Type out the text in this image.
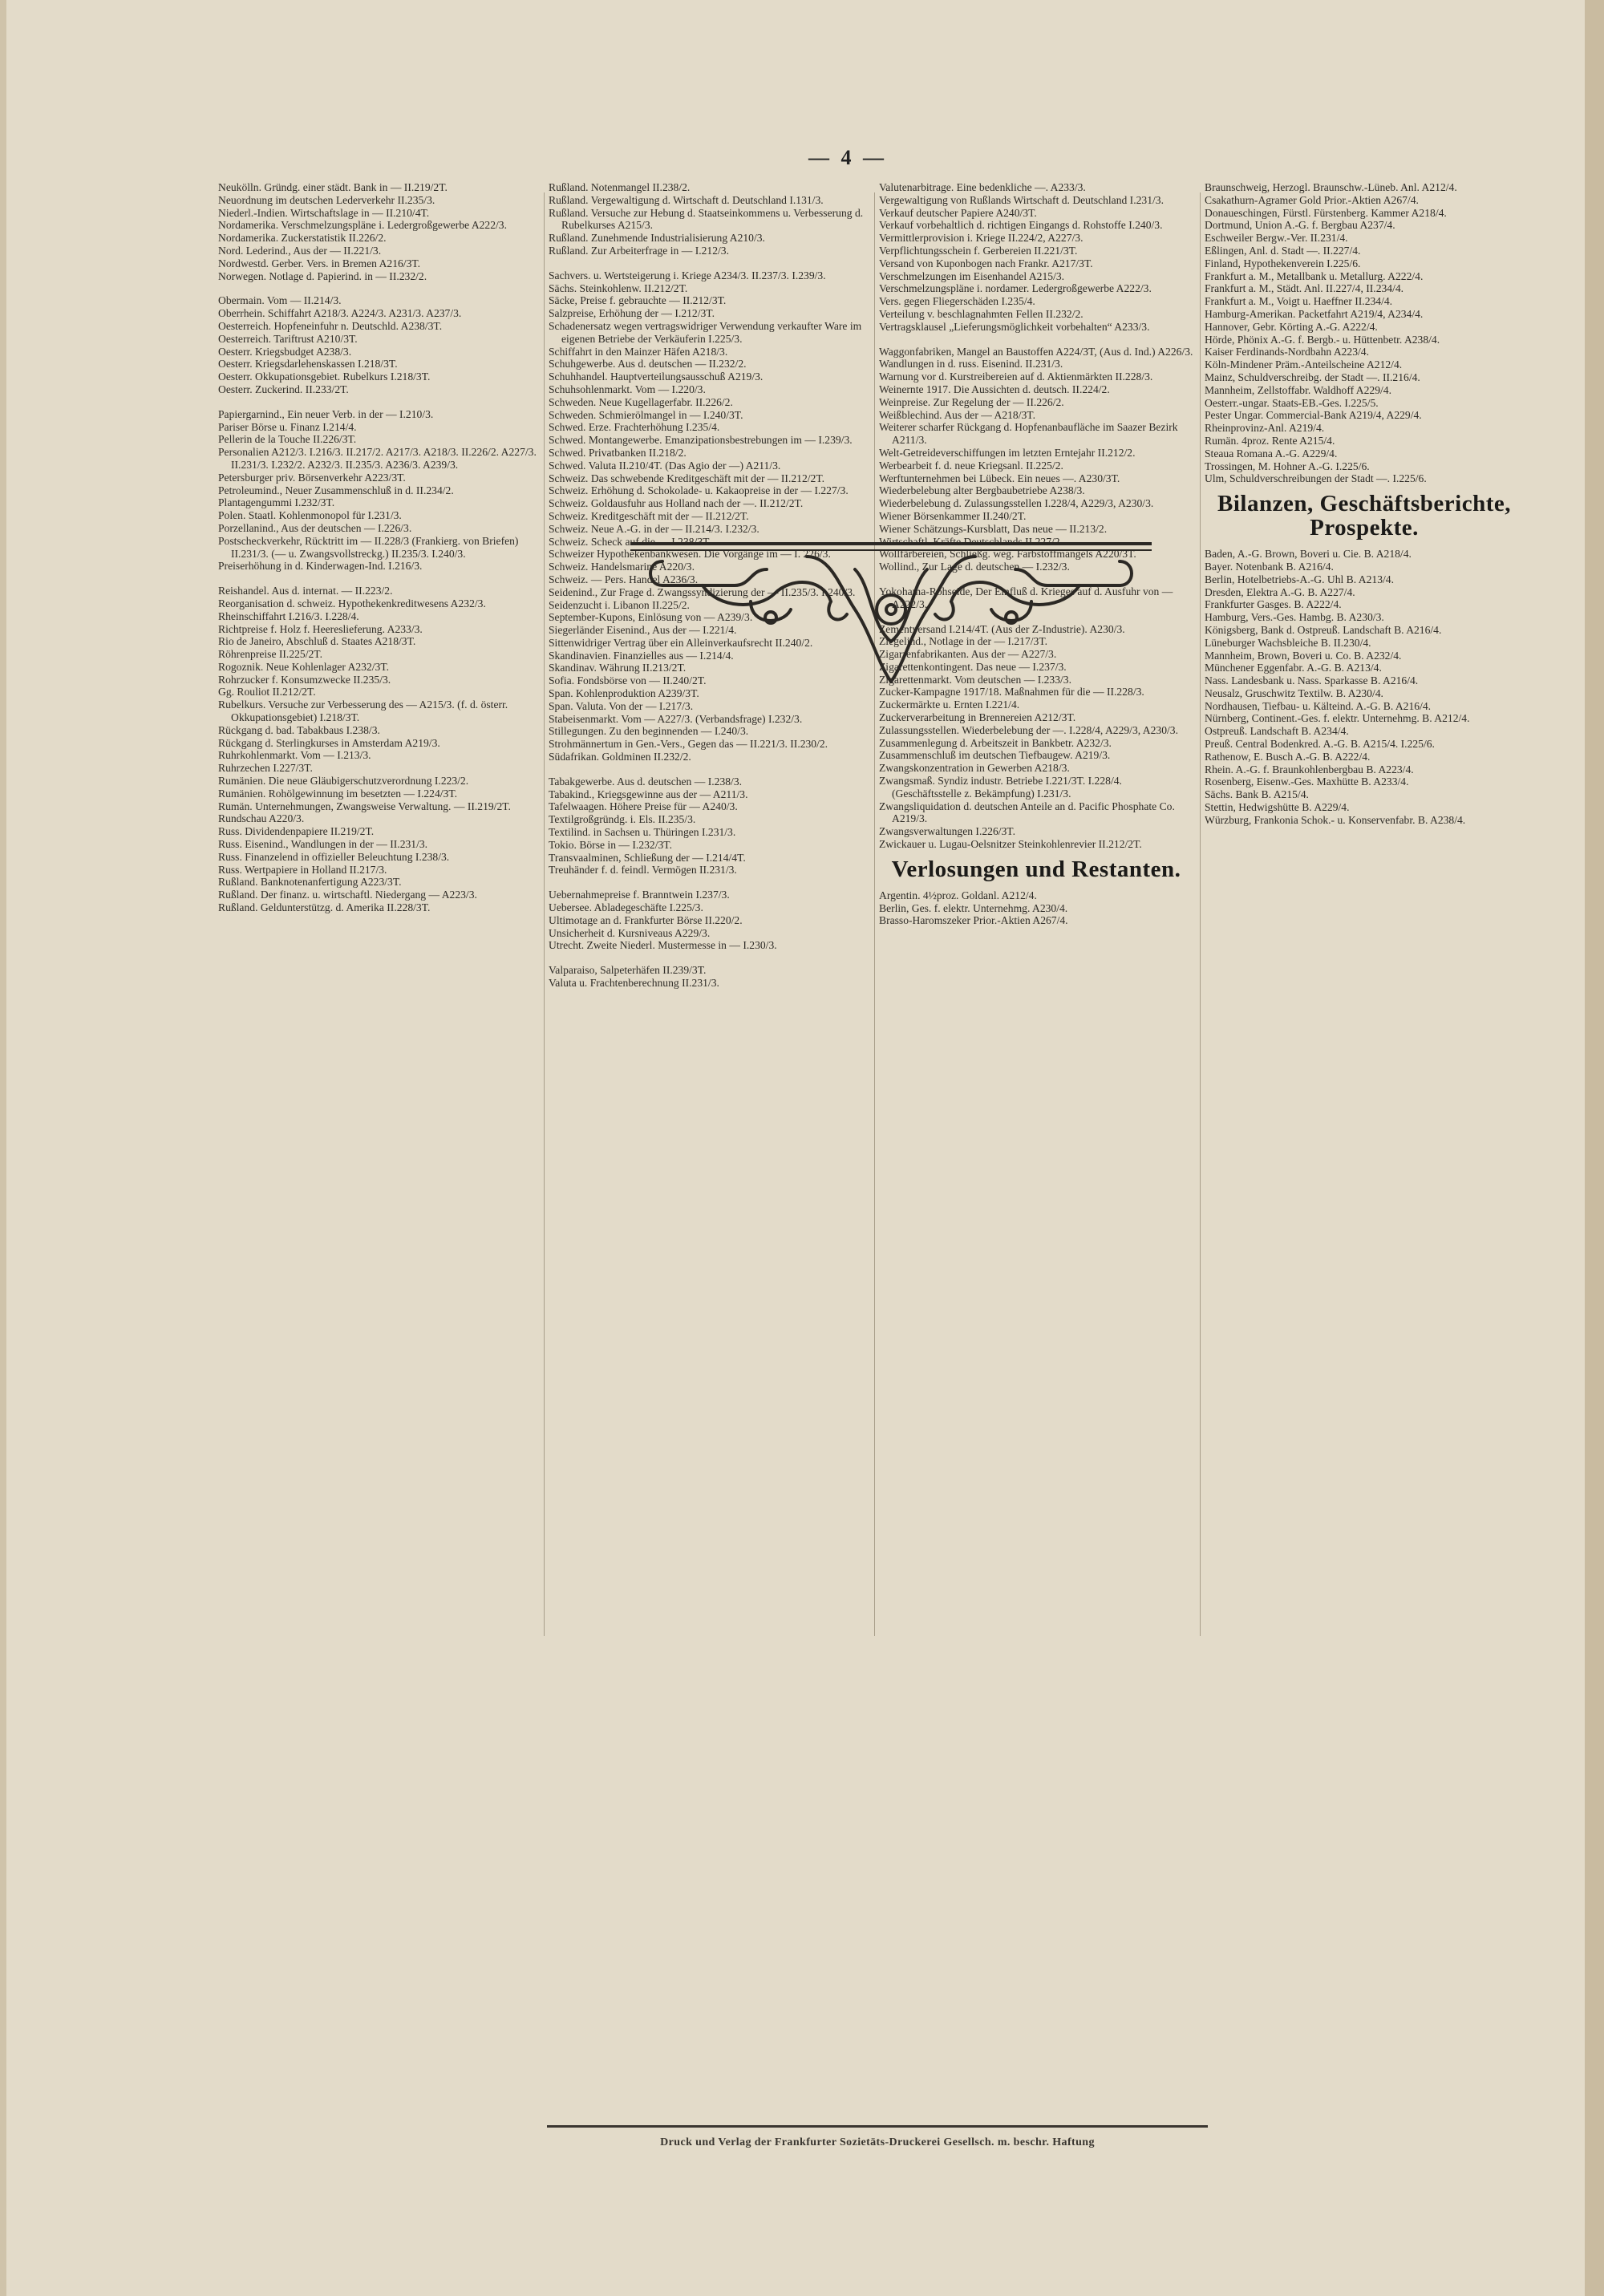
— 4 —

Neukölln. Gründg. einer städt. Bank in — II.219/2T.

Neuordnung im deutschen Lederverkehr II.235/3.

Niederl.-Indien. Wirtschaftslage in — II.210/4T.

Nordamerika. Verschmelzungspläne i. Ledergroßgewerbe A222/3.

Nordamerika. Zuckerstatistik II.226/2.

Nord. Lederind., Aus der — II.221/3.

Nordwestd. Gerber. Vers. in Bremen A216/3T.

Norwegen. Notlage d. Papierind. in — II.232/2.

Obermain. Vom — II.214/3.

Oberrhein. Schiffahrt A218/3. A224/3. A231/3. A237/3.

Oesterreich. Hopfeneinfuhr n. Deutschld. A238/3T.

Oesterreich. Tariftrust A210/3T.

Oesterr. Kriegsbudget A238/3.

Oesterr. Kriegsdarlehenskassen I.218/3T.

Oesterr. Okkupationsgebiet. Rubelkurs I.218/3T.

Oesterr. Zuckerind. II.233/2T.

Papiergarnind., Ein neuer Verb. in der — I.210/3.

Pariser Börse u. Finanz I.214/4.

Pellerin de la Touche II.226/3T.

Personalien A212/3. I.216/3. II.217/2. A217/3. A218/3. II.226/2. A227/3. II.231/3. I.232/2. A232/3. II.235/3. A236/3. A239/3.

Petersburger priv. Börsenverkehr A223/3T.

Petroleumind., Neuer Zusammenschluß in d. II.234/2.

Plantagengummi I.232/3T.

Polen. Staatl. Kohlenmonopol für I.231/3.

Porzellanind., Aus der deutschen — I.226/3.

Postscheckverkehr, Rücktritt im — II.228/3 (Frankierg. von Briefen) II.231/3. (— u. Zwangsvollstreckg.) II.235/3. I.240/3.

Preiserhöhung in d. Kinderwagen-Ind. I.216/3.

Reishandel. Aus d. internat. — II.223/2.

Reorganisation d. schweiz. Hypothekenkreditwesens A232/3.

Rheinschiffahrt I.216/3. I.228/4.

Richtpreise f. Holz f. Heereslieferung. A233/3.

Rio de Janeiro, Abschluß d. Staates A218/3T.

Röhrenpreise II.225/2T.

Rogoznik. Neue Kohlenlager A232/3T.

Rohrzucker f. Konsumzwecke II.235/3.

Gg. Rouliot II.212/2T.

Rubelkurs. Versuche zur Verbesserung des — A215/3. (f. d. österr. Okkupationsgebiet) I.218/3T.

Rückgang d. bad. Tabakbaus I.238/3.

Rückgang d. Sterlingkurses in Amsterdam A219/3.

Ruhrkohlenmarkt. Vom — I.213/3.

Ruhrzechen I.227/3T.

Rumänien. Die neue Gläubigerschutzverordnung I.223/2.

Rumänien. Rohölgewinnung im besetzten — I.224/3T.

Rumän. Unternehmungen, Zwangsweise Verwaltung. — II.219/2T.

Rundschau A220/3.

Russ. Dividendenpapiere II.219/2T.

Russ. Eisenind., Wandlungen in der — II.231/3.

Russ. Finanzelend in offizieller Beleuchtung I.238/3.

Russ. Wertpapiere in Holland II.217/3.

Rußland. Banknotenanfertigung A223/3T.

Rußland. Der finanz. u. wirtschaftl. Niedergang — A223/3.

Rußland. Geldunterstützg. d. Amerika II.228/3T.

Rußland. Notenmangel II.238/2.

Rußland. Vergewaltigung d. Wirtschaft d. Deutschland I.131/3.

Rußland. Versuche zur Hebung d. Staatseinkommens u. Verbesserung d. Rubelkurses A215/3.

Rußland. Zunehmende Industrialisierung A210/3.

Rußland. Zur Arbeiterfrage in — I.212/3.

Sachvers. u. Wertsteigerung i. Kriege A234/3. II.237/3. I.239/3.

Sächs. Steinkohlenw. II.212/2T.

Säcke, Preise f. gebrauchte — II.212/3T.

Salzpreise, Erhöhung der — I.212/3T.

Schadenersatz wegen vertragswidriger Verwendung verkaufter Ware im eigenen Betriebe der Verkäuferin I.225/3.

Schiffahrt in den Mainzer Häfen A218/3.

Schuhgewerbe. Aus d. deutschen — II.232/2.

Schuhhandel. Hauptverteilungsausschuß A219/3.

Schuhsohlenmarkt. Vom — I.220/3.

Schweden. Neue Kugellagerfabr. II.226/2.

Schweden. Schmierölmangel in — I.240/3T.

Schwed. Erze. Frachterhöhung I.235/4.

Schwed. Montangewerbe. Emanzipationsbestrebungen im — I.239/3.

Schwed. Privatbanken II.218/2.

Schwed. Valuta II.210/4T. (Das Agio der —) A211/3.

Schweiz. Das schwebende Kreditgeschäft mit der — II.212/2T.

Schweiz. Erhöhung d. Schokolade- u. Kakaopreise in der — I.227/3.

Schweiz. Goldausfuhr aus Holland nach der —. II.212/2T.

Schweiz. Kreditgeschäft mit der — II.212/2T.

Schweiz. Neue A.-G. in der — II.214/3. I.232/3.

Schweiz. Scheck auf die — I.238/3T.

Schweizer Hypothekenbankwesen. Die Vorgänge im — I. 226/3.

Schweiz. Handelsmarine A220/3.

Schweiz. — Pers. Handel A236/3.

Seidenind., Zur Frage d. Zwangssyndizierung der — II.235/3. I.240/3.

Seidenzucht i. Libanon II.225/2.

September-Kupons, Einlösung von — A239/3.

Siegerländer Eisenind., Aus der — I.221/4.

Sittenwidriger Vertrag über ein Alleinverkaufsrecht II.240/2.

Skandinavien. Finanzielles aus — I.214/4.

Skandinav. Währung II.213/2T.

Sofia. Fondsbörse von — II.240/2T.

Span. Kohlenproduktion A239/3T.

Span. Valuta. Von der — I.217/3.

Stabeisenmarkt. Vom — A227/3. (Verbandsfrage) I.232/3.

Stillegungen. Zu den beginnenden — I.240/3.

Strohmännertum in Gen.-Vers., Gegen das — II.221/3. II.230/2.

Südafrikan. Goldminen II.232/2.

Tabakgewerbe. Aus d. deutschen — I.238/3.

Tabakind., Kriegsgewinne aus der — A211/3.

Tafelwaagen. Höhere Preise für — A240/3.

Textilgroßgründg. i. Els. II.235/3.

Textilind. in Sachsen u. Thüringen I.231/3.

Tokio. Börse in — I.232/3T.

Transvaalminen, Schließung der — I.214/4T.

Treuhänder f. d. feindl. Vermögen II.231/3.

Uebernahmepreise f. Branntwein I.237/3.

Uebersee. Abladegeschäfte I.225/3.

Ultimotage an d. Frankfurter Börse II.220/2.

Unsicherheit d. Kursniveaus A229/3.

Utrecht. Zweite Niederl. Mustermesse in — I.230/3.

Valparaiso, Salpeterhäfen II.239/3T.

Valuta u. Frachtenberechnung II.231/3.

Valutenarbitrage. Eine bedenkliche —. A233/3.

Vergewaltigung von Rußlands Wirtschaft d. Deutschland I.231/3.

Verkauf deutscher Papiere A240/3T.

Verkauf vorbehaltlich d. richtigen Eingangs d. Rohstoffe I.240/3.

Vermittlerprovision i. Kriege II.224/2, A227/3.

Verpflichtungsschein f. Gerbereien II.221/3T.

Versand von Kuponbogen nach Frankr. A217/3T.

Verschmelzungen im Eisenhandel A215/3.

Verschmelzungspläne i. nordamer. Ledergroßgewerbe A222/3.

Vers. gegen Fliegerschäden I.235/4.

Verteilung v. beschlagnahmten Fellen II.232/2.

Vertragsklausel „Lieferungsmöglichkeit vorbehalten“ A233/3.

Waggonfabriken, Mangel an Baustoffen A224/3T, (Aus d. Ind.) A226/3.

Wandlungen in d. russ. Eisenind. II.231/3.

Warnung vor d. Kurstreibereien auf d. Aktienmärkten II.228/3.

Weinernte 1917. Die Aussichten d. deutsch. II.224/2.

Weinpreise. Zur Regelung der — II.226/2.

Weißblechind. Aus der — A218/3T.

Weiterer scharfer Rückgang d. Hopfenanbaufläche im Saazer Bezirk A211/3.

Welt-Getreideverschiffungen im letzten Erntejahr II.212/2.

Werbearbeit f. d. neue Kriegsanl. II.225/2.

Werftunternehmen bei Lübeck. Ein neues —. A230/3T.

Wiederbelebung alter Bergbaubetriebe A238/3.

Wiederbelebung d. Zulassungsstellen I.228/4, A229/3, A230/3.

Wiener Börsenkammer II.240/2T.

Wiener Schätzungs-Kursblatt, Das neue — II.213/2.

Wirtschaftl. Kräfte Deutschlands II.227/2.

Wollfärbereien, Schließg. weg. Farbstoffmangels A220/3T.

Wollind., Zur Lage d. deutschen — I.232/3.

Yokohama-Rohseide, Der Einfluß d. Krieges auf d. Ausfuhr von — A222/3.

Zementversand I.214/4T. (Aus der Z-Industrie). A230/3.

Ziegelind., Notlage in der — I.217/3T.

Zigarrenfabrikanten. Aus der — A227/3.

Zigarettenkontingent. Das neue — I.237/3.

Zigarettenmarkt. Vom deutschen — I.233/3.

Zucker-Kampagne 1917/18. Maßnahmen für die — II.228/3.

Zuckermärkte u. Ernten I.221/4.

Zuckerverarbeitung in Brennereien A212/3T.

Zulassungsstellen. Wiederbelebung der —. I.228/4, A229/3, A230/3.

Zusammenlegung d. Arbeitszeit in Bankbetr. A232/3.

Zusammenschluß im deutschen Tiefbaugew. A219/3.

Zwangskonzentration in Gewerben A218/3.

Zwangsmaß. Syndiz industr. Betriebe I.221/3T. I.228/4. (Geschäftsstelle z. Bekämpfung) I.231/3.

Zwangsliquidation d. deutschen Anteile an d. Pacific Phosphate Co. A219/3.

Zwangsverwaltungen I.226/3T.

Zwickauer u. Lugau-Oelsnitzer Steinkohlenrevier II.212/2T.

Verlosungen und Restanten.

Argentin. 4½proz. Goldanl. A212/4.

Berlin, Ges. f. elektr. Unternehmg. A230/4.

Brasso-Haromszeker Prior.-Aktien A267/4.

Braunschweig, Herzogl. Braunschw.-Lüneb. Anl. A212/4.

Csakathurn-Agramer Gold Prior.-Aktien A267/4.

Donaueschingen, Fürstl. Fürstenberg. Kammer A218/4.

Dortmund, Union A.-G. f. Bergbau A237/4.

Eschweiler Bergw.-Ver. II.231/4.

Eßlingen, Anl. d. Stadt —. II.227/4.

Finland, Hypothekenverein I.225/6.

Frankfurt a. M., Metallbank u. Metallurg. A222/4.

Frankfurt a. M., Städt. Anl. II.227/4, II.234/4.

Frankfurt a. M., Voigt u. Haeffner II.234/4.

Hamburg-Amerikan. Packetfahrt A219/4, A234/4.

Hannover, Gebr. Körting A.-G. A222/4.

Hörde, Phönix A.-G. f. Bergb.- u. Hüttenbetr. A238/4.

Kaiser Ferdinands-Nordbahn A223/4.

Köln-Mindener Präm.-Anteilscheine A212/4.

Mainz, Schuldverschreibg. der Stadt —. II.216/4.

Mannheim, Zellstoffabr. Waldhoff A229/4.

Oesterr.-ungar. Staats-EB.-Ges. I.225/5.

Pester Ungar. Commercial-Bank A219/4, A229/4.

Rheinprovinz-Anl. A219/4.

Rumän. 4proz. Rente A215/4.

Steaua Romana A.-G. A229/4.

Trossingen, M. Hohner A.-G. I.225/6.

Ulm, Schuldverschreibungen der Stadt —. I.225/6.

Bilanzen, Geschäftsberichte, Prospekte.

Baden, A.-G. Brown, Boveri u. Cie. B. A218/4.

Bayer. Notenbank B. A216/4.

Berlin, Hotelbetriebs-A.-G. Uhl B. A213/4.

Dresden, Elektra A.-G. B. A227/4.

Frankfurter Gasges. B. A222/4.

Hamburg, Vers.-Ges. Hambg. B. A230/3.

Königsberg, Bank d. Ostpreuß. Landschaft B. A216/4.

Lüneburger Wachsbleiche B. II.230/4.

Mannheim, Brown, Boveri u. Co. B. A232/4.

Münchener Eggenfabr. A.-G. B. A213/4.

Nass. Landesbank u. Nass. Sparkasse B. A216/4.

Neusalz, Gruschwitz Textilw. B. A230/4.

Nordhausen, Tiefbau- u. Kälteind. A.-G. B. A216/4.

Nürnberg, Continent.-Ges. f. elektr. Unternehmg. B. A212/4.

Ostpreuß. Landschaft B. A234/4.

Preuß. Central Bodenkred. A.-G. B. A215/4. I.225/6.

Rathenow, E. Busch A.-G. B. A222/4.

Rhein. A.-G. f. Braunkohlenbergbau B. A223/4.

Rosenberg, Eisenw.-Ges. Maxhütte B. A233/4.

Sächs. Bank B. A215/4.

Stettin, Hedwigshütte B. A229/4.

Würzburg, Frankonia Schok.- u. Konservenfabr. B. A238/4.

Druck und Verlag der Frankfurter Sozietäts-Druckerei Gesellsch. m. beschr. Haftung
